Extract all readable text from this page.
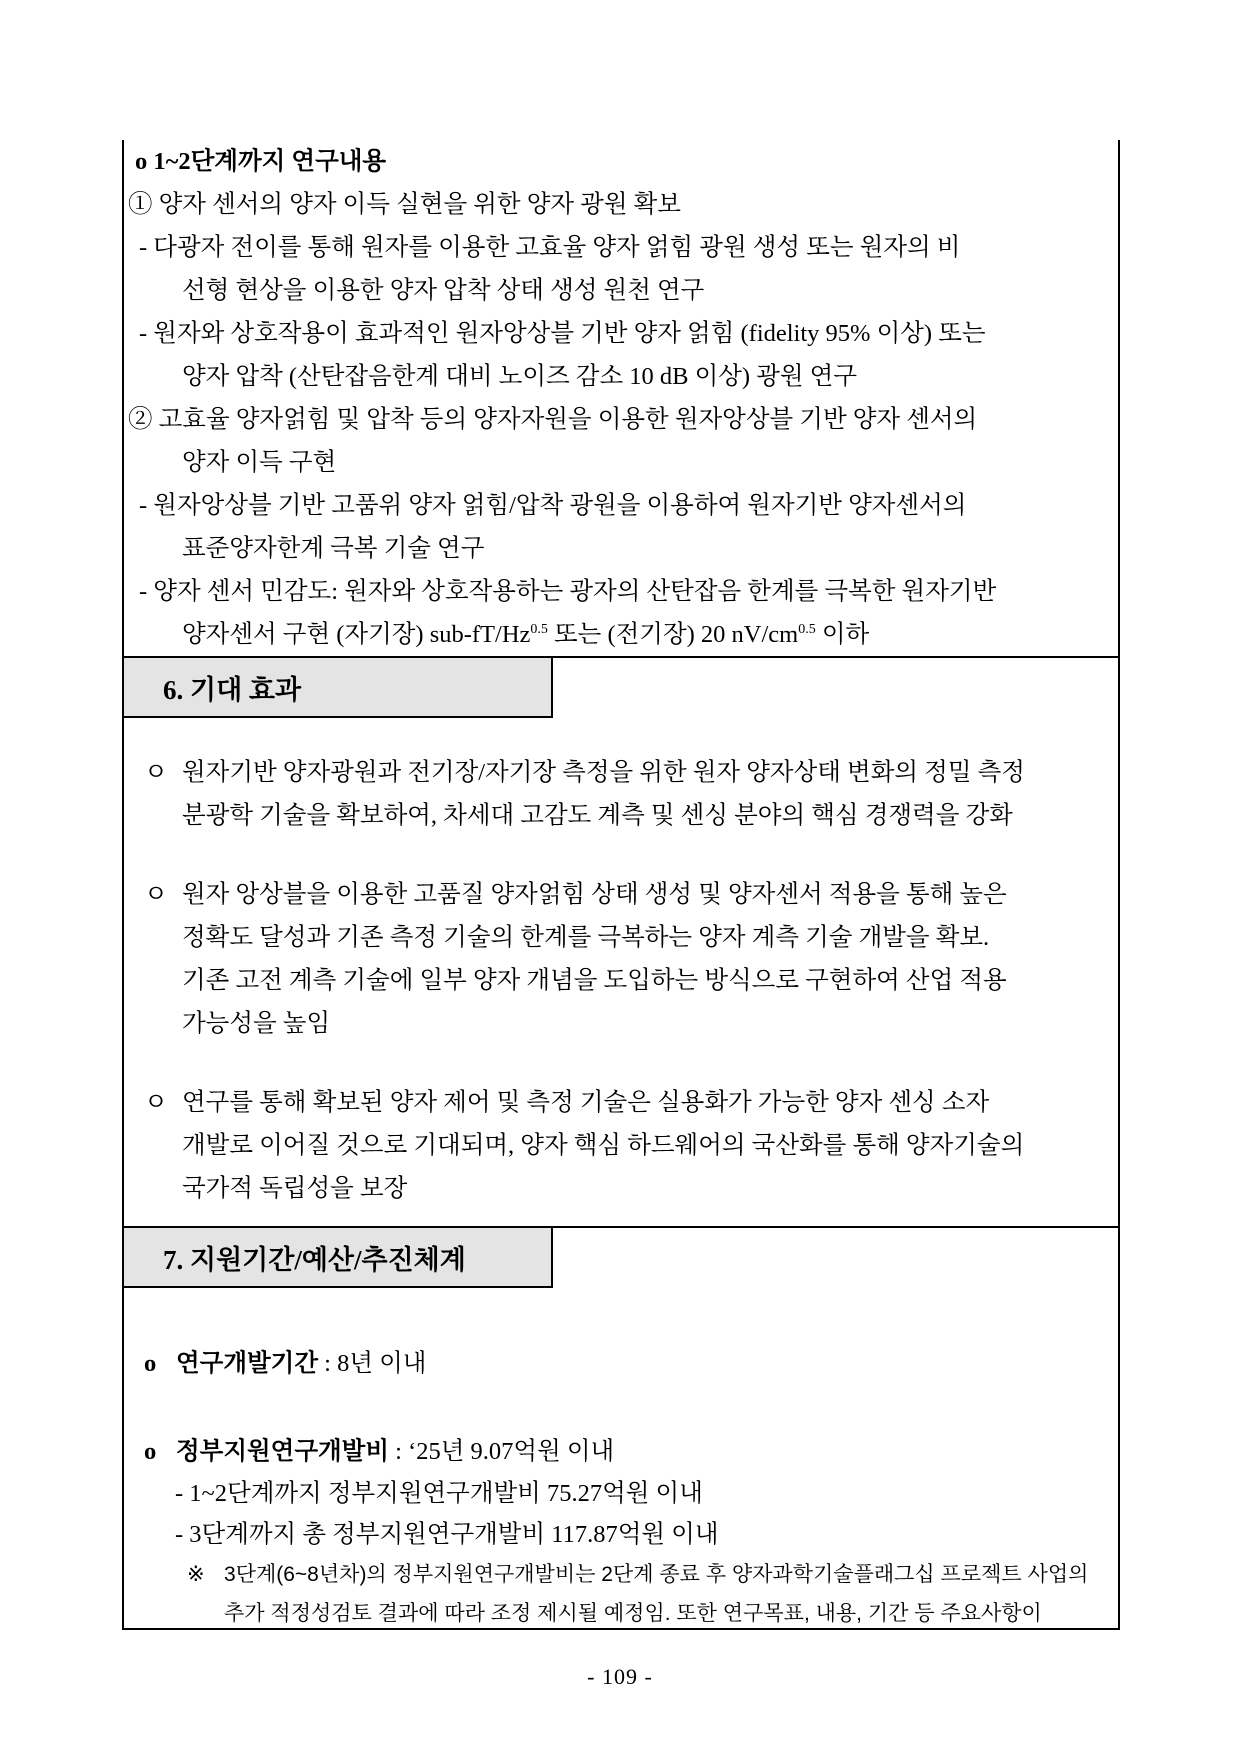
o 1~2단계까지 연구내용
① 양자 센서의 양자 이득 실현을 위한 양자 광원 확보
- 다광자 전이를 통해 원자를 이용한 고효율 양자 얽힘 광원 생성 또는 원자의 비
선형 현상을 이용한 양자 압착 상태 생성 원천 연구
- 원자와 상호작용이 효과적인 원자앙상블 기반 양자 얽힘 (fidelity 95% 이상) 또는
양자 압착 (산탄잡음한계 대비 노이즈 감소 10 dB 이상) 광원 연구
② 고효율 양자얽힘 및 압착 등의 양자자원을 이용한 원자앙상블 기반 양자 센서의
양자 이득 구현
- 원자앙상블 기반 고품위 양자 얽힘/압착 광원을 이용하여 원자기반 양자센서의
표준양자한계 극복 기술 연구
- 양자 센서 민감도: 원자와 상호작용하는 광자의 산탄잡음 한계를 극복한 원자기반
양자센서 구현 (자기장) sub-$fT/Hz^{0.5}$ 또는 (전기장) 20 $nV/cm^{0.5}$ 이하
6. 기대 효과
ㅇ 원자기반 양자광원과 전기장/자기장 측정을 위한 원자 양자상태 변화의 정밀 측정
분광학 기술을 확보하여, 차세대 고감도 계측 및 센싱 분야의 핵심 경쟁력을 강화
ㅇ 원자 앙상블을 이용한 고품질 양자얽힘 상태 생성 및 양자센서 적용을 통해 높은
정확도 달성과 기존 측정 기술의 한계를 극복하는 양자 계측 기술 개발을 확보.
기존 고전 계측 기술에 일부 양자 개념을 도입하는 방식으로 구현하여 산업 적용
가능성을 높임
ㅇ 연구를 통해 확보된 양자 제어 및 측정 기술은 실용화가 가능한 양자 센싱 소자
개발로 이어질 것으로 기대되며, 양자 핵심 하드웨어의 국산화를 통해 양자기술의
국가적 독립성을 보장
7. 지원기간/예산/추진체계
o 연구개발기간 : 8년 이내
o 정부지원연구개발비 : ‘25년 9.07억원 이내
- 1~2단계까지 정부지원연구개발비 75.27억원 이내
- 3단계까지 총 정부지원연구개발비 117.87억원 이내
※ 3단계(6~8년차)의 정부지원연구개발비는 2단계 종료 후 양자과학기술플래그십 프로젝트 사업의
추가 적정성검토 결과에 따라 조정 제시될 예정임. 또한 연구목표, 내용, 기간 등 주요사항이
- 109 -
